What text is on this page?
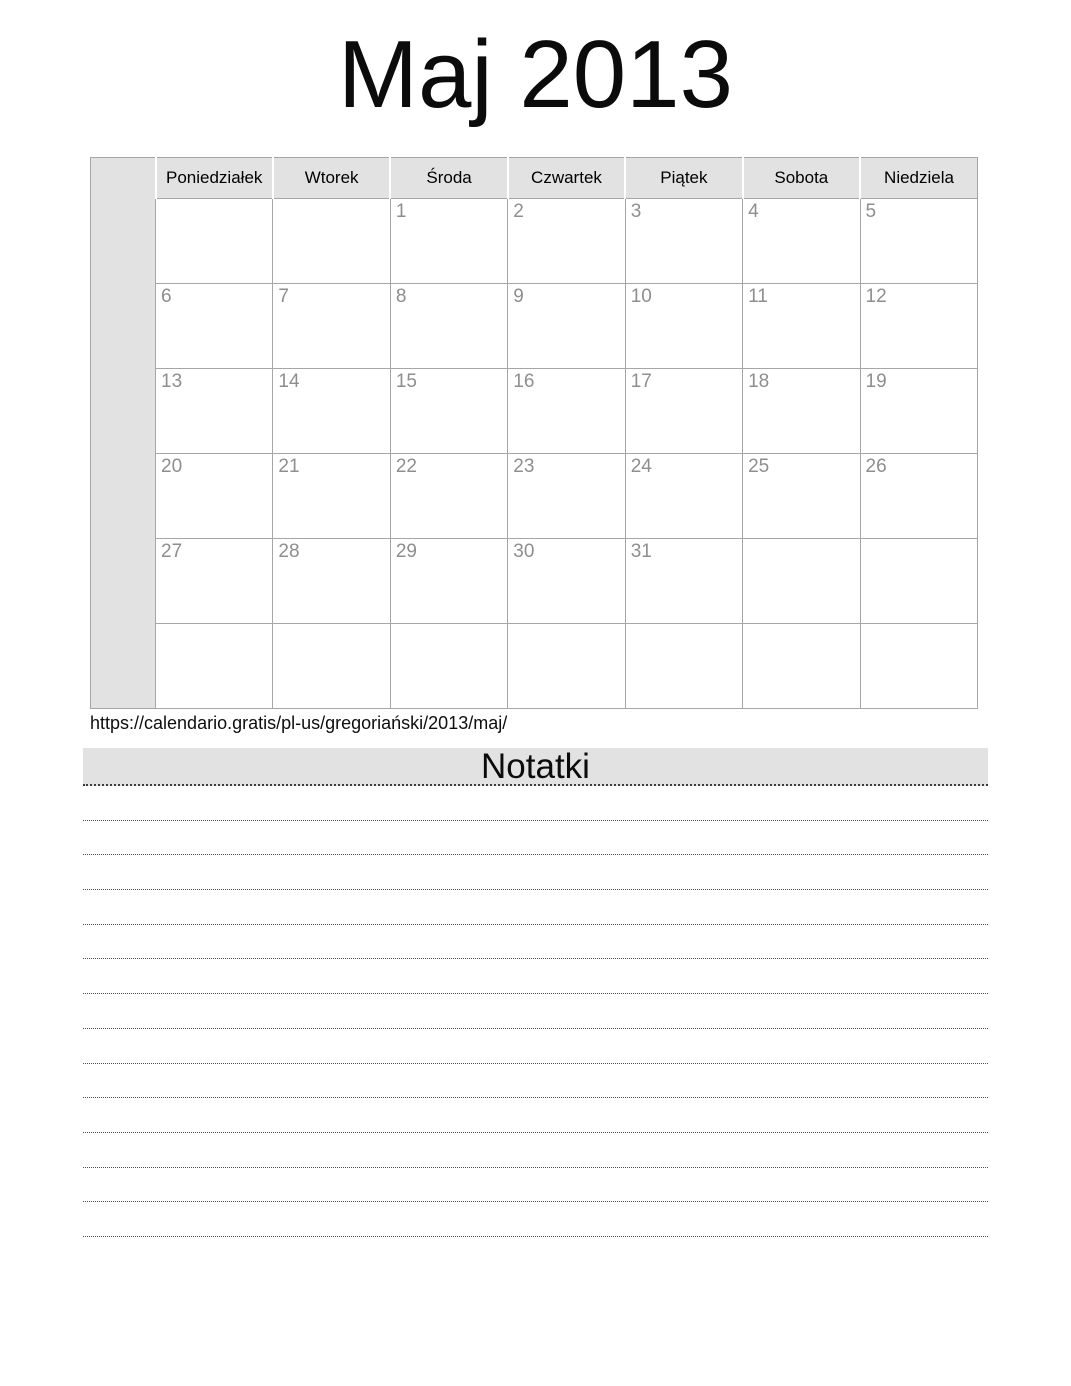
Maj 2013
	Poniedziałek	Wtorek	Środa	Czwartek	Piątek	Sobota	Niedziela
			1	2	3	4	5
	6	7	8	9	10	11	12
	13	14	15	16	17	18	19
	20	21	22	23	24	25	26
	27	28	29	30	31		

https://calendario.gratis/pl-us/gregoriański/2013/maj/
Notatki
